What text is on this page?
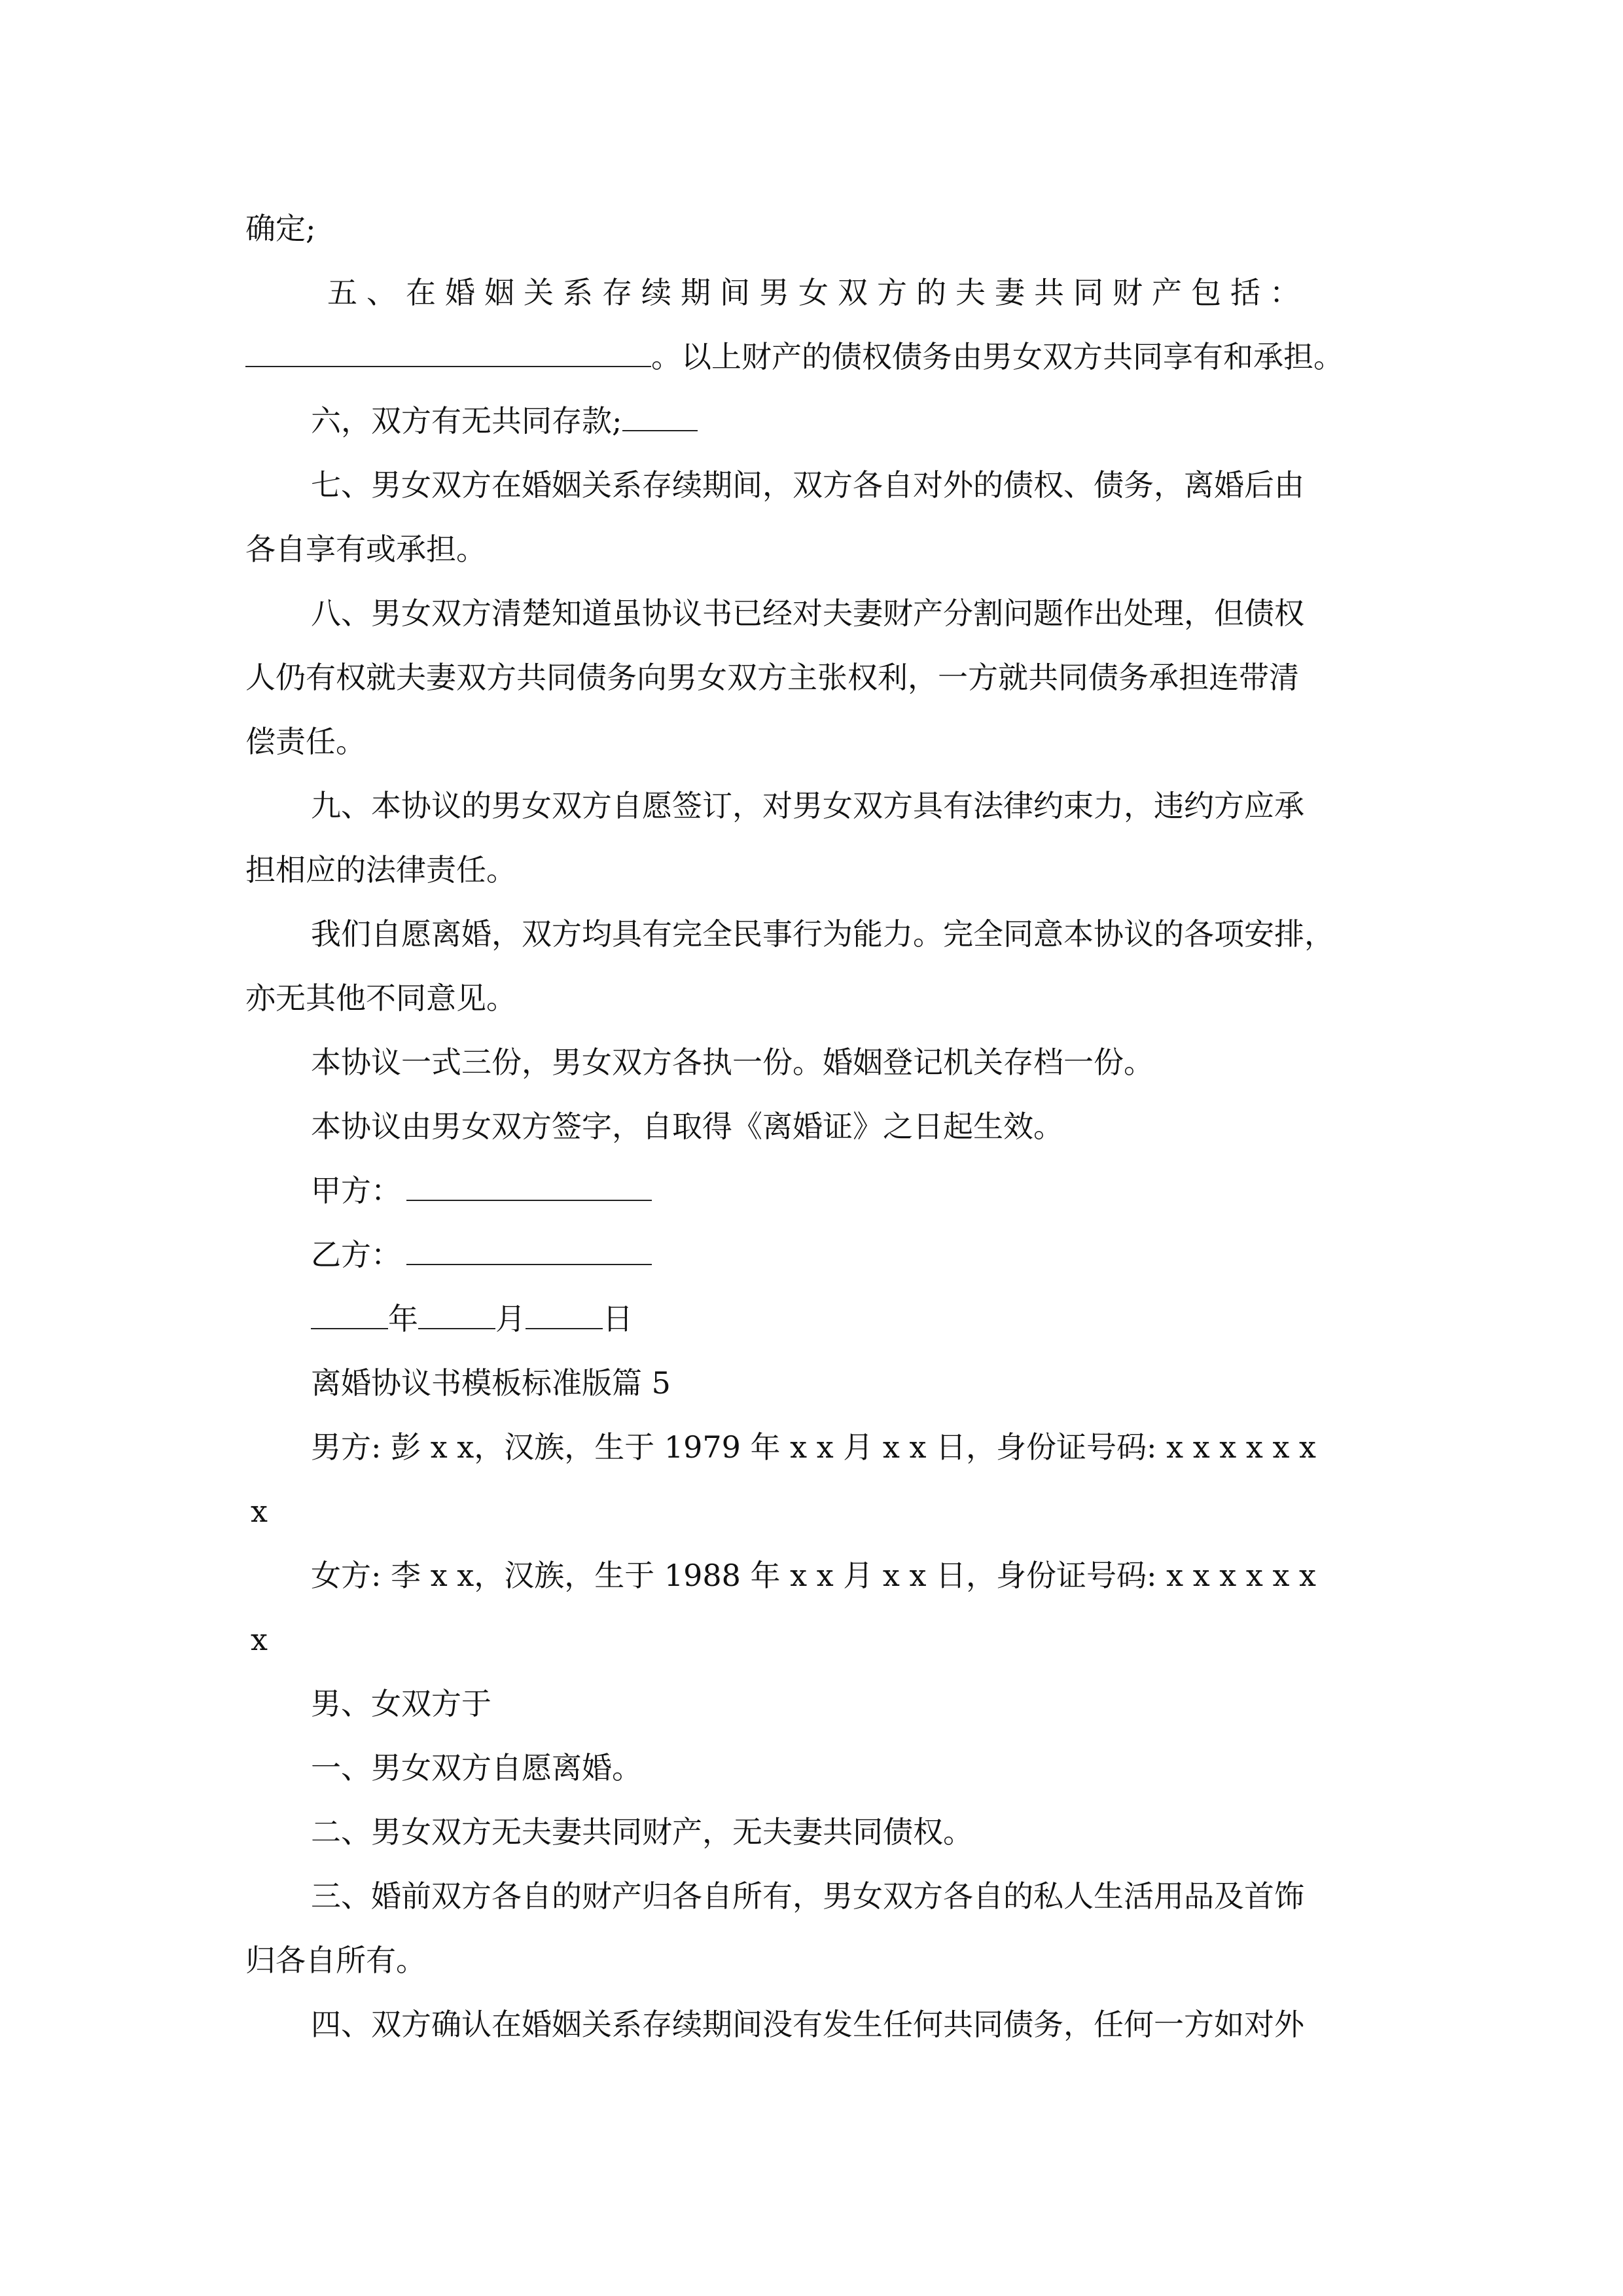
确定;

五、在婚姻关系存续期间男女双方的夫妻共同财产包括：

。以上财产的债权债务由男女双方共同享有和承担。

六，双方有无共同存款;

七、男女双方在婚姻关系存续期间，双方各自对外的债权、债务，离婚后由

各自享有或承担。

八、男女双方清楚知道虽协议书已经对夫妻财产分割问题作出处理，但债权

人仍有权就夫妻双方共同债务向男女双方主张权利，一方就共同债务承担连带清

偿责任。

九、本协议的男女双方自愿签订，对男女双方具有法律约束力，违约方应承

担相应的法律责任。

我们自愿离婚，双方均具有完全民事行为能力。完全同意本协议的各项安排，

亦无其他不同意见。

本协议一式三份，男女双方各执一份。婚姻登记机关存档一份。

本协议由男女双方签字，自取得《离婚证》之日起生效。

甲方：

乙方：

年	月	日

离婚协议书模板标准版篇 5

男方: 彭 x x，汉族，生于 1979 年 x x 月 x x 日，身份证号码: x x x x x x

x

女方: 李 x x，汉族，生于 1988 年 x x 月 x x 日，身份证号码: x x x x x x

x

男、女双方于

一、男女双方自愿离婚。

二、男女双方无夫妻共同财产，无夫妻共同债权。

三、婚前双方各自的财产归各自所有，男女双方各自的私人生活用品及首饰

归各自所有。

四、双方确认在婚姻关系存续期间没有发生任何共同债务，任何一方如对外
